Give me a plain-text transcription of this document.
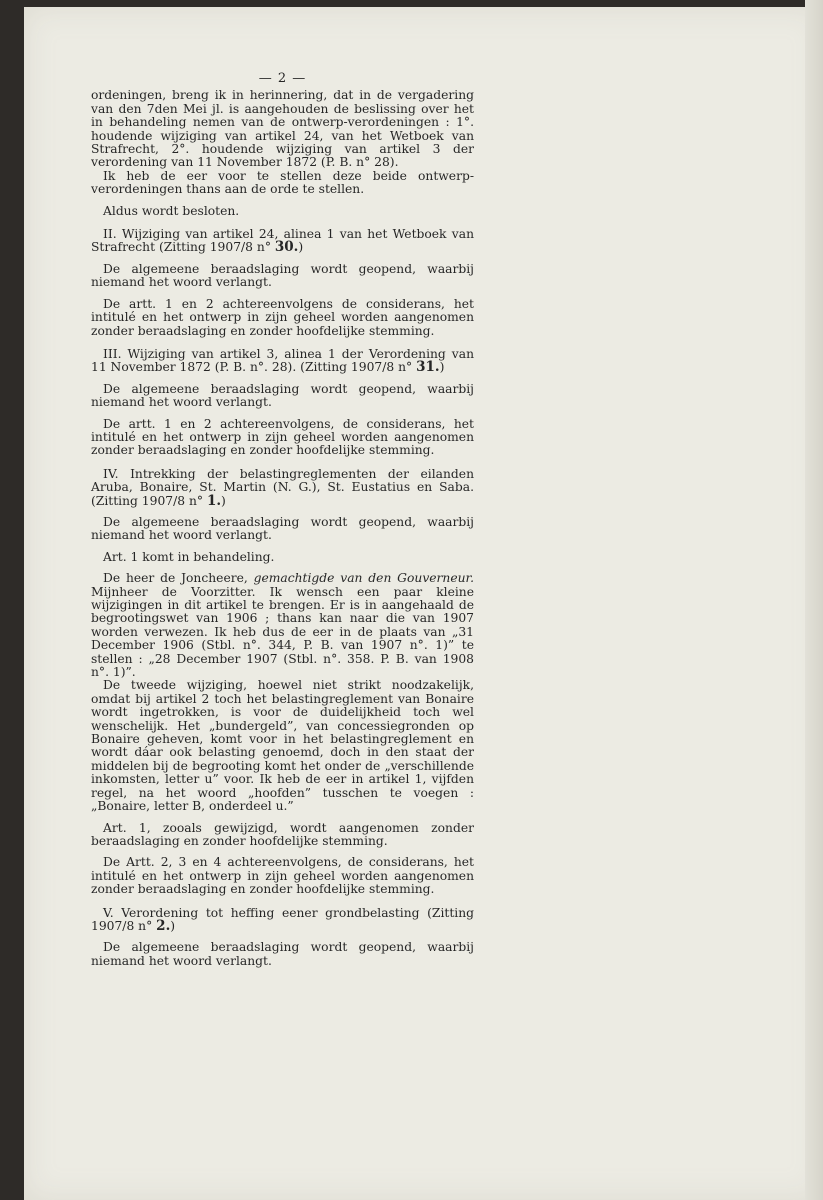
— 2 —

ordeningen, breng ik in herinnering, dat in de vergadering van den 7den Mei jl. is aangehouden de beslissing over het in behandeling nemen van de ontwerp-verordeningen : 1°. houdende wijziging van artikel 24, van het Wetboek van Strafrecht, 2°. houdende wijziging van artikel 3 der verordening van 11 November 1872 (P. B. n° 28).

Ik heb de eer voor te stellen deze beide ontwerp-verordeningen thans aan de orde te stellen.

Aldus wordt besloten.

II. Wijziging van artikel 24, alinea 1 van het Wetboek van Strafrecht (Zitting 1907/8 n° 30.)

De algemeene beraadslaging wordt geopend, waarbij niemand het woord verlangt.

De artt. 1 en 2 achtereenvolgens de considerans, het intitulé en het ontwerp in zijn geheel worden aangenomen zonder beraadslaging en zonder hoofdelijke stemming.

III. Wijziging van artikel 3, alinea 1 der Verordening van 11 November 1872 (P. B. n°. 28). (Zitting 1907/8 n° 31.)

De algemeene beraadslaging wordt geopend, waarbij niemand het woord verlangt.

De artt. 1 en 2 achtereenvolgens, de considerans, het intitulé en het ontwerp in zijn geheel worden aangenomen zonder beraadslaging en zonder hoofdelijke stemming.

IV. Intrekking der belastingreglementen der eilanden Aruba, Bonaire, St. Martin (N. G.), St. Eustatius en Saba. (Zitting 1907/8 n° 1.)

De algemeene beraadslaging wordt geopend, waarbij niemand het woord verlangt.

Art. 1 komt in behandeling.

De heer de Joncheere, gemachtigde van den Gouverneur. Mijnheer de Voorzitter. Ik wensch een paar kleine wijzigingen in dit artikel te brengen. Er is in aangehaald de begrootingswet van 1906 ; thans kan naar die van 1907 worden verwezen. Ik heb dus de eer in de plaats van „31 December 1906 (Stbl. n°. 344, P. B. van 1907 n°. 1)” te stellen : „28 December 1907 (Stbl. n°. 358. P. B. van 1908 n°. 1)”.

De tweede wijziging, hoewel niet strikt noodzakelijk, omdat bij artikel 2 toch het belastingreglement van Bonaire wordt ingetrokken, is voor de duidelijkheid toch wel wenschelijk. Het „bundergeld”, van concessiegronden op Bonaire geheven, komt voor in het belastingreglement en wordt dáar ook belasting genoemd, doch in den staat der middelen bij de begrooting komt het onder de „verschillende inkomsten, letter u” voor. Ik heb de eer in artikel 1, vijfden regel, na het woord „hoofden” tusschen te voegen : „Bonaire, letter B, onderdeel u.”

Art. 1, zooals gewijzigd, wordt aangenomen zonder beraadslaging en zonder hoofdelijke stemming.

De Artt. 2, 3 en 4 achtereenvolgens, de considerans, het intitulé en het ontwerp in zijn geheel worden aangenomen zonder beraadslaging en zonder hoofdelijke stemming.

V. Verordening tot heffing eener grondbelasting (Zitting 1907/8 n° 2.)

De algemeene beraadslaging wordt geopend, waarbij niemand het woord verlangt.
